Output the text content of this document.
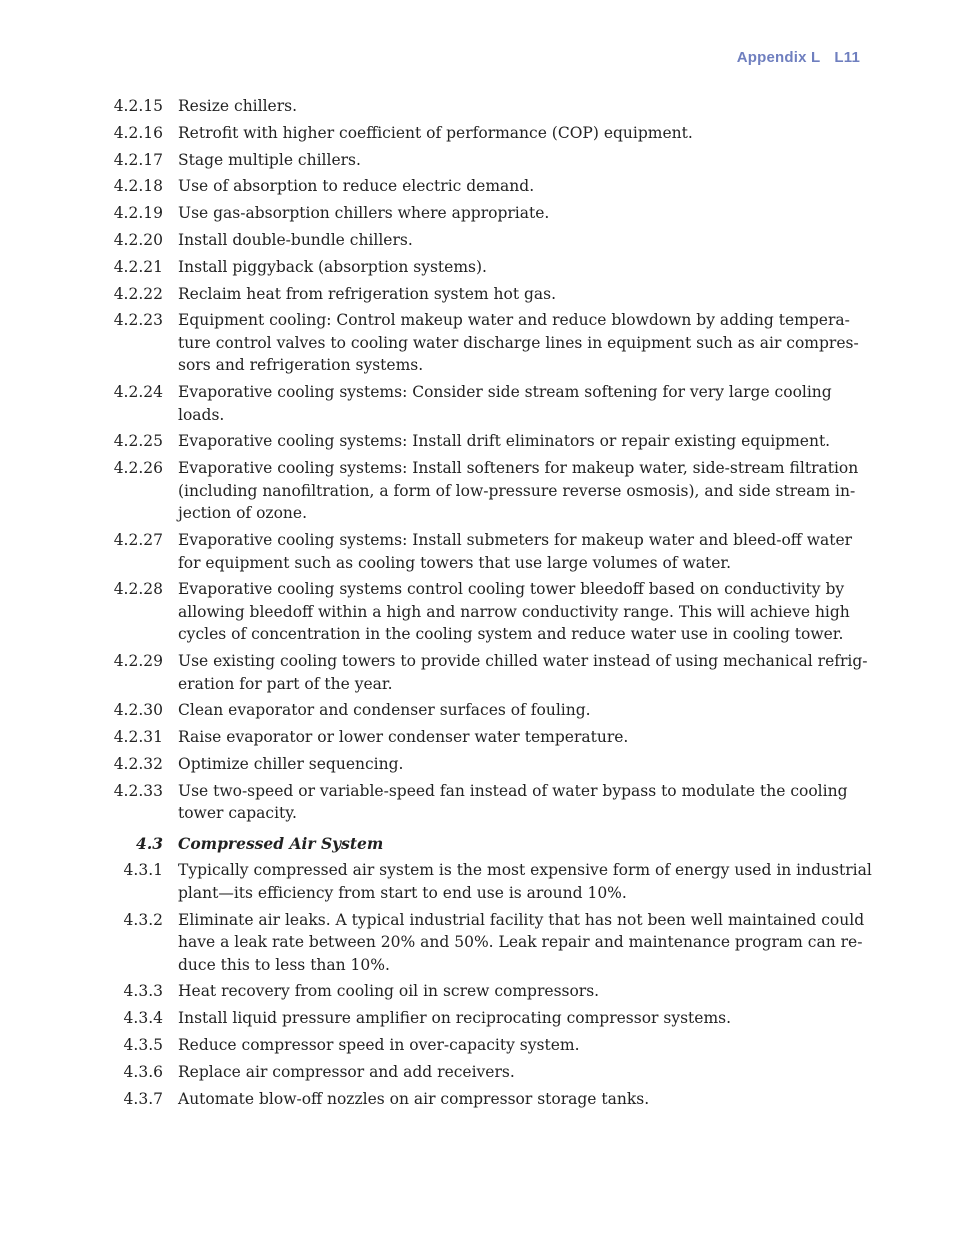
Appendix L L11
4.2.15 Resize chillers.
4.2.16 Retrofit with higher coefficient of performance (COP) equipment.
4.2.17 Stage multiple chillers.
4.2.18 Use of absorption to reduce electric demand.
4.2.19 Use gas-absorption chillers where appropriate.
4.2.20 Install double-bundle chillers.
4.2.21 Install piggyback (absorption systems).
4.2.22 Reclaim heat from refrigeration system hot gas.
4.2.23 Equipment cooling: Control makeup water and reduce blowdown by adding tempera-
ture control valves to cooling water discharge lines in equipment such as air compres-
sors and refrigeration systems.
4.2.24 Evaporative cooling systems: Consider side stream softening for very large cooling
loads.
4.2.25 Evaporative cooling systems: Install drift eliminators or repair existing equipment.
4.2.26 Evaporative cooling systems: Install softeners for makeup water, side-stream filtration
(including nanofiltration, a form of low-pressure reverse osmosis), and side stream in-
jection of ozone.
4.2.27 Evaporative cooling systems: Install submeters for makeup water and bleed-off water
for equipment such as cooling towers that use large volumes of water.
4.2.28 Evaporative cooling systems control cooling tower bleedoff based on conductivity by
allowing bleedoff within a high and narrow conductivity range. This will achieve high
cycles of concentration in the cooling system and reduce water use in cooling tower.
4.2.29 Use existing cooling towers to provide chilled water instead of using mechanical refrig-
eration for part of the year.
4.2.30 Clean evaporator and condenser surfaces of fouling.
4.2.31 Raise evaporator or lower condenser water temperature.
4.2.32 Optimize chiller sequencing.
4.2.33 Use two-speed or variable-speed fan instead of water bypass to modulate the cooling
tower capacity.
4.3 Compressed Air System
4.3.1 Typically compressed air system is the most expensive form of energy used in industrial
plant—its efficiency from start to end use is around 10%.
4.3.2 Eliminate air leaks. A typical industrial facility that has not been well maintained could
have a leak rate between 20% and 50%. Leak repair and maintenance program can re-
duce this to less than 10%.
4.3.3 Heat recovery from cooling oil in screw compressors.
4.3.4 Install liquid pressure amplifier on reciprocating compressor systems.
4.3.5 Reduce compressor speed in over-capacity system.
4.3.6 Replace air compressor and add receivers.
4.3.7 Automate blow-off nozzles on air compressor storage tanks.
